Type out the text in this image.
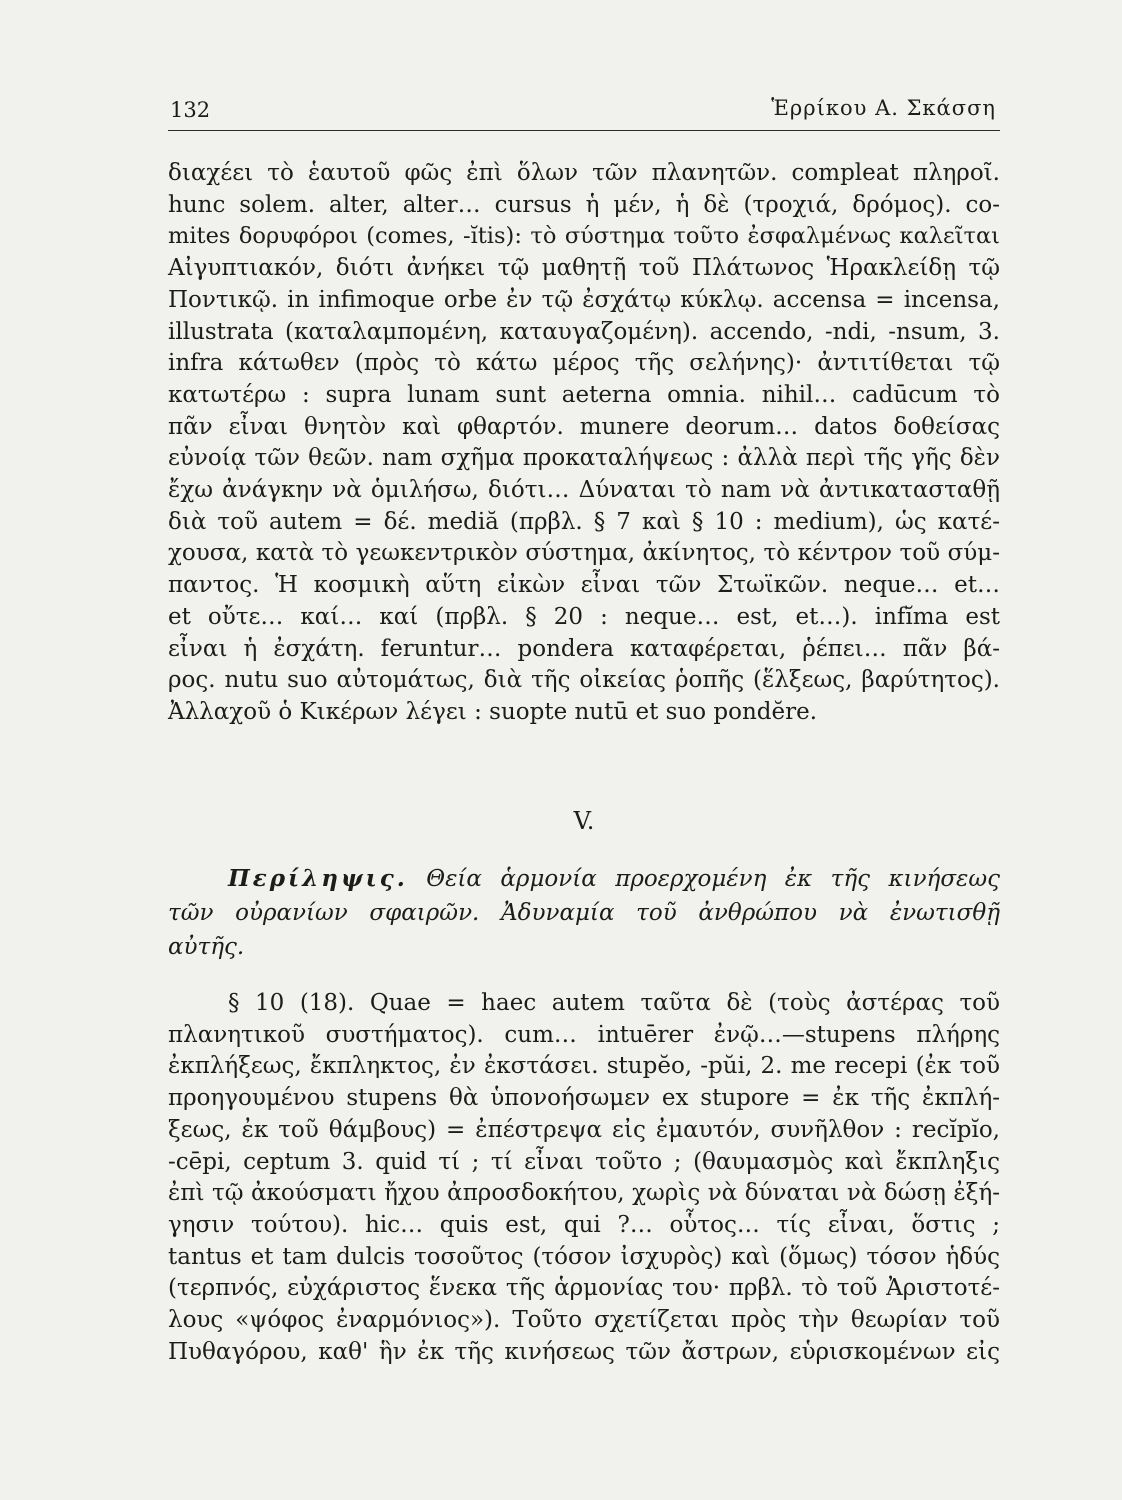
132	Ἑρρίκου Α. Σκάσση
διαχέει τὸ ἑαυτοῦ φῶς ἐπὶ ὅλων τῶν πλανητῶν. compleat πληροῖ.
hunc solem. alter, alter… cursus ἡ μέν, ἡ δὲ (τροχιά, δρόμος). co-
mites δορυφόροι (comes, -ĭtis): τὸ σύστημα τοῦτο ἐσφαλμένως καλεῖται
Αἰγυπτιακόν, διότι ἀνήκει τῷ μαθητῇ τοῦ Πλάτωνος Ἡρακλείδῃ τῷ
Ποντικῷ. in infimoque orbe ἐν τῷ ἐσχάτῳ κύκλῳ. accensa = incensa,
illustrata (καταλαμπομένη, καταυγαζομένη). accendo, -ndi, -nsum, 3.
infra κάτωθεν (πρὸς τὸ κάτω μέρος τῆς σελήνης)· ἀντιτίθεται τῷ
κατωτέρω : supra lunam sunt aeterna omnia. nihil… cadūcum τὸ
πᾶν εἶναι θνητὸν καὶ φθαρτόν. munere deorum… datos δοθείσας
εὐνοίᾳ τῶν θεῶν. nam σχῆμα προκαταλήψεως : ἀλλὰ περὶ τῆς γῆς δὲν
ἔχω ἀνάγκην νὰ ὁμιλήσω, διότι… Δύναται τὸ nam νὰ ἀντικατασταθῇ
διὰ τοῦ autem = δέ. mediă (πρβλ. § 7 καὶ § 10 : medium), ὡς κατέ-
χουσα, κατὰ τὸ γεωκεντρικὸν σύστημα, ἀκίνητος, τὸ κέντρον τοῦ σύμ-
παντος. Ἡ κοσμικὴ αὕτη εἰκὼν εἶναι τῶν Στωϊκῶν. neque… et…
et οὔτε… καί… καί (πρβλ. § 20 : neque… est, et…). infĭma est
εἶναι ἡ ἐσχάτη. feruntur… pondera καταφέρεται, ῥέπει… πᾶν βά-
ρος. nutu suo αὐτομάτως, διὰ τῆς οἰκείας ῥοπῆς (ἕλξεως, βαρύτητος).
Ἀλλαχοῦ ὁ Κικέρων λέγει : suopte nutū et suo pondĕre.
V.
Περίληψις. Θεία ἁρμονία προερχομένη ἐκ τῆς κινήσεως
τῶν οὐρανίων σφαιρῶν. Ἀδυναμία τοῦ ἀνθρώπου νὰ ἐνωτισθῇ
αὐτῆς.
§ 10 (18). Quae = haec autem ταῦτα δὲ (τοὺς ἀστέρας τοῦ
πλανητικοῦ συστήματος). cum… intuērer ἐνῷ…—stupens πλήρης
ἐκπλήξεως, ἔκπληκτος, ἐν ἐκστάσει. stupĕo, -pŭi, 2. me recepi (ἐκ τοῦ
προηγουμένου stupens θὰ ὑπονοήσωμεν ex stupore = ἐκ τῆς ἐκπλή-
ξεως, ἐκ τοῦ θάμβους) = ἐπέστρεψα εἰς ἐμαυτόν, συνῆλθον : recĭpĭo,
-cēpi, ceptum 3. quid τί ; τί εἶναι τοῦτο ; (θαυμασμὸς καὶ ἔκπληξις
ἐπὶ τῷ ἀκούσματι ἤχου ἀπροσδοκήτου, χωρὶς νὰ δύναται νὰ δώσῃ ἐξή-
γησιν τούτου). hic… quis est, qui ?… οὗτος… τίς εἶναι, ὅστις ;
tantus et tam dulcis τοσοῦτος (τόσον ἰσχυρὸς) καὶ (ὅμως) τόσον ἡδύς
(τερπνός, εὐχάριστος ἕνεκα τῆς ἁρμονίας του· πρβλ. τὸ τοῦ Ἀριστοτέ-
λους «ψόφος ἐναρμόνιος»). Τοῦτο σχετίζεται πρὸς τὴν θεωρίαν τοῦ
Πυθαγόρου, καθ' ἣν ἐκ τῆς κινήσεως τῶν ἄστρων, εὑρισκομένων εἰς
